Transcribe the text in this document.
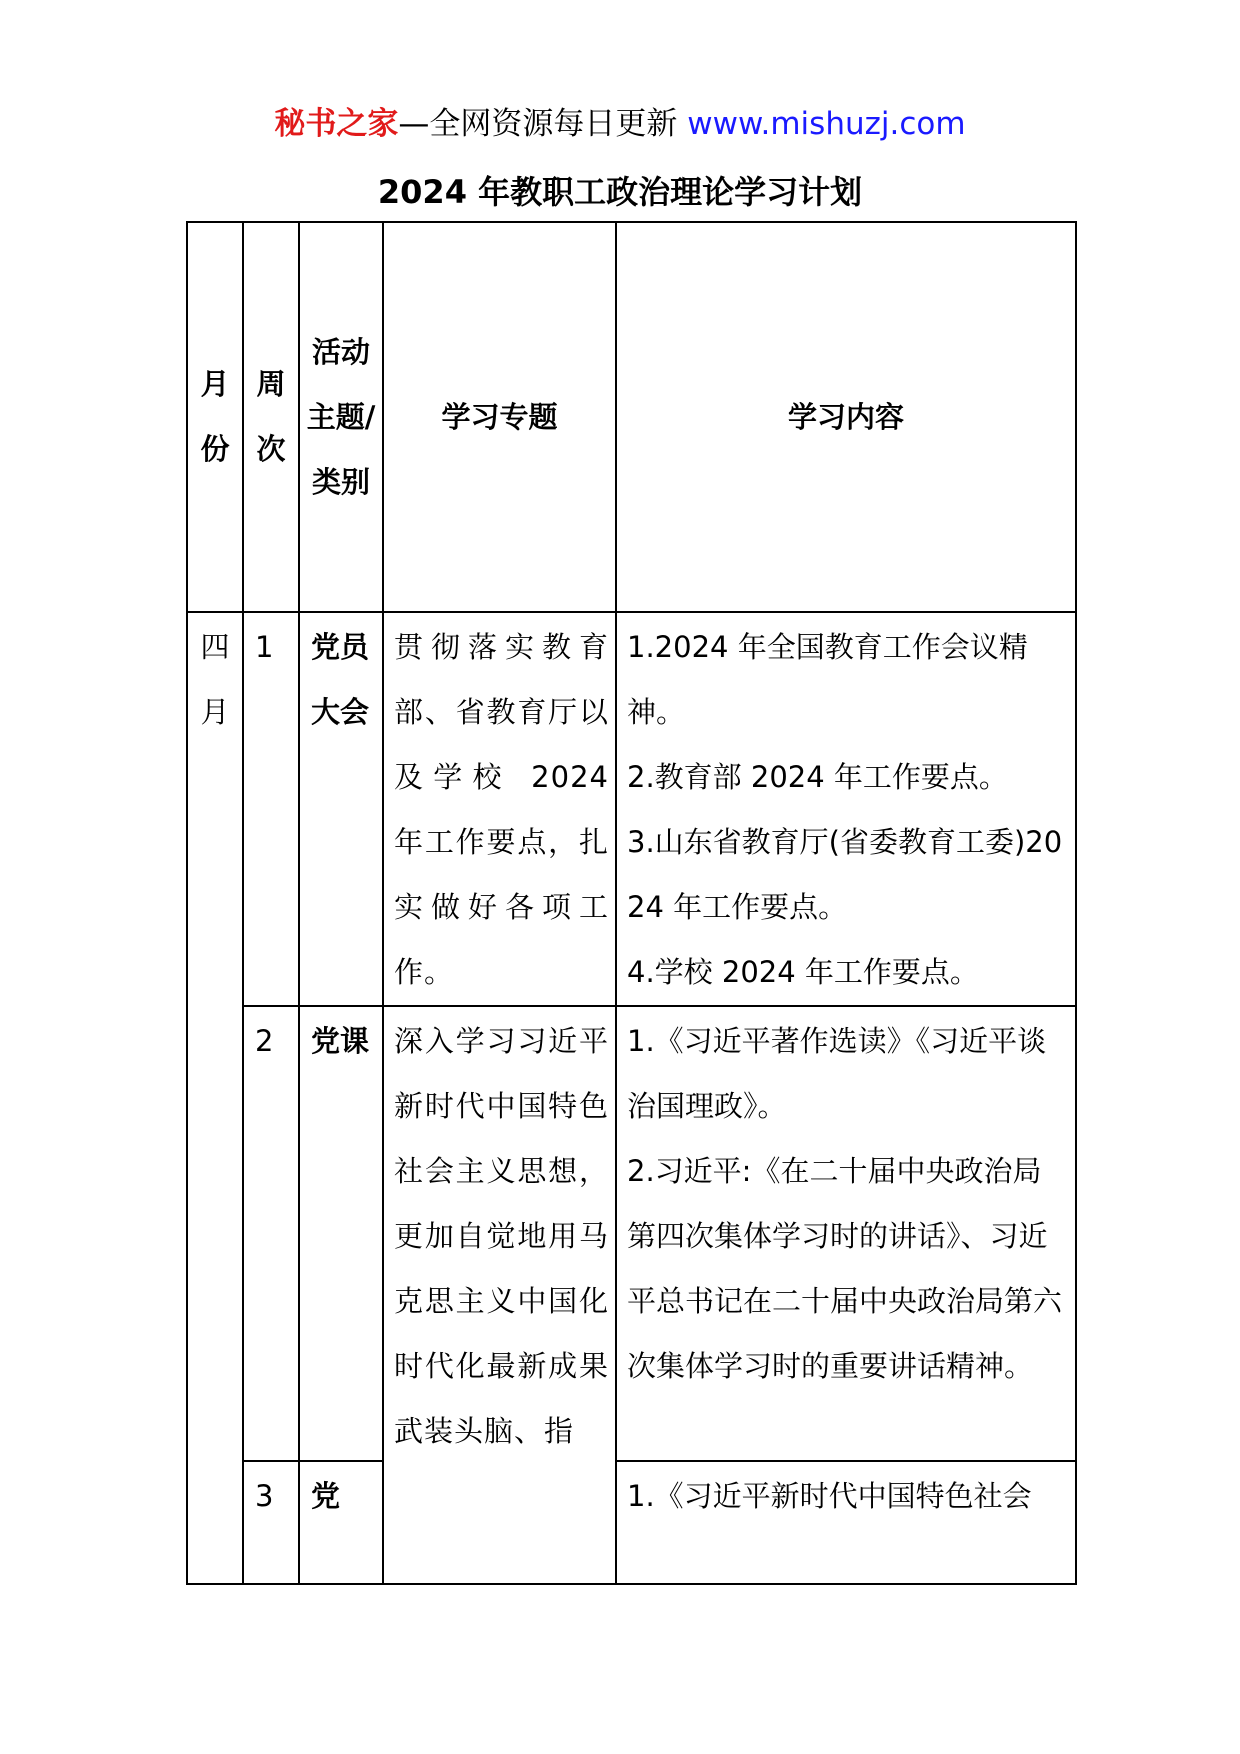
秘书之家—全网资源每日更新 www.mishuzj.com
2024 年教职工政治理论学习计划
月份	周次	活动主题/类别	学习专题	学习内容
四月	1	党员大会	贯彻落实教育部、省教育厅以及学校 2024 年工作要点，扎实做好各项工作。	1.2024 年全国教育工作会议精神。
2.教育部 2024 年工作要点。
3.山东省教育厅(省委教育工委)2024 年工作要点。
4.学校 2024 年工作要点。

	2	党课	深入学习习近平新时代中国特色社会主义思想，更加自觉地用马克思主义中国化时代化最新成果武装头脑、指	1.《习近平著作选读》《习近平谈治国理政》。
2.习近平:《在二十届中央政治局第四次集体学习时的讲话》、习近平总书记在二十届中央政治局第六次集体学习时的重要讲话精神。

	3	党		1.《习近平新时代中国特色社会
